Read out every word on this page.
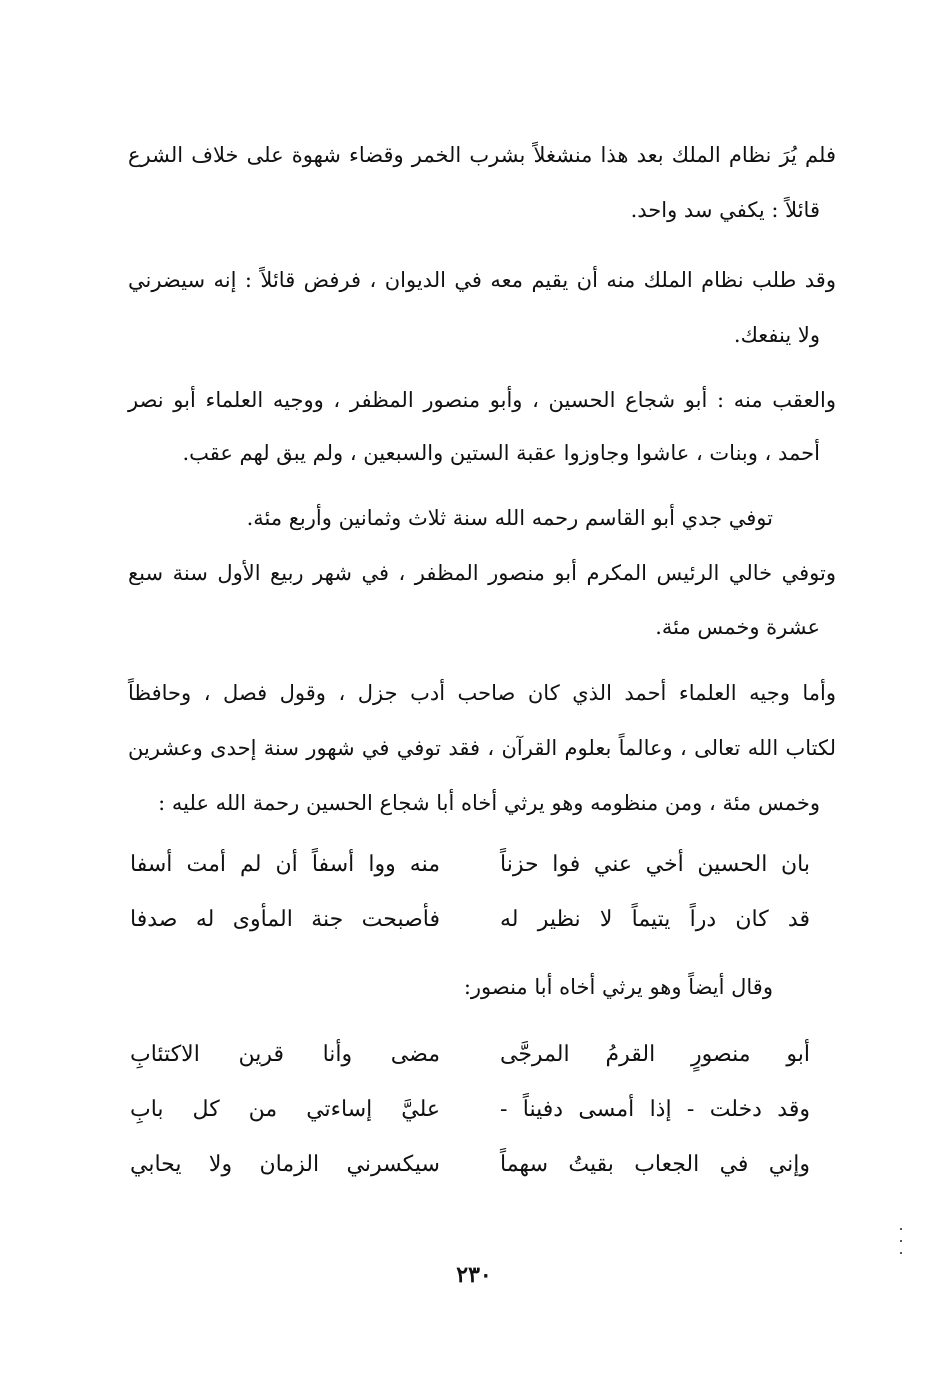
فلم يُرَ نظام الملك بعد هذا منشغلاً بشرب الخمر وقضاء شهوة على خلاف الشرع
قائلاً : يكفي سد واحد.
وقد طلب نظام الملك منه أن يقيم معه في الديوان ، فرفض قائلاً : إنه سيضرني
ولا ينفعك.
والعقب منه : أبو شجاع الحسين ، وأبو منصور المظفر ، ووجيه العلماء أبو نصر
أحمد ، وبنات ، عاشوا وجاوزوا عقبة الستين والسبعين ، ولم يبق لهم عقب.
توفي جدي أبو القاسم رحمه الله سنة ثلاث وثمانين وأربع مئة.
وتوفي خالي الرئيس المكرم أبو منصور المظفر ، في شهر ربيع الأول سنة سبع
عشرة وخمس مئة.
وأما وجيه العلماء أحمد الذي كان صاحب أدب جزل ، وقول فصل ، وحافظاً
لكتاب الله تعالى ، وعالماً بعلوم القرآن ، فقد توفي في شهور سنة إحدى وعشرين
وخمس مئة ، ومن منظومه وهو يرثي أخاه أبا شجاع الحسين رحمة الله عليه :
بان الحسين أخي عني فوا حزناً
منه ووا أسفاً أن لم أمت أسفا
قد كان دراً يتيماً لا نظير له
فأصبحت جنة المأوى له صدفا
وقال أيضاً وهو يرثي أخاه أبا منصور:
أبو منصورٍ القرمُ المرجَّى
مضى وأنا قرين الاكتئابِ
وقد دخلت - إذا أمسى دفيناً -
عليَّ إساءتي من كل بابِ
وإني في الجعاب بقيتُ سهماً
سيكسرني الزمان ولا يحابي
٢٣٠
